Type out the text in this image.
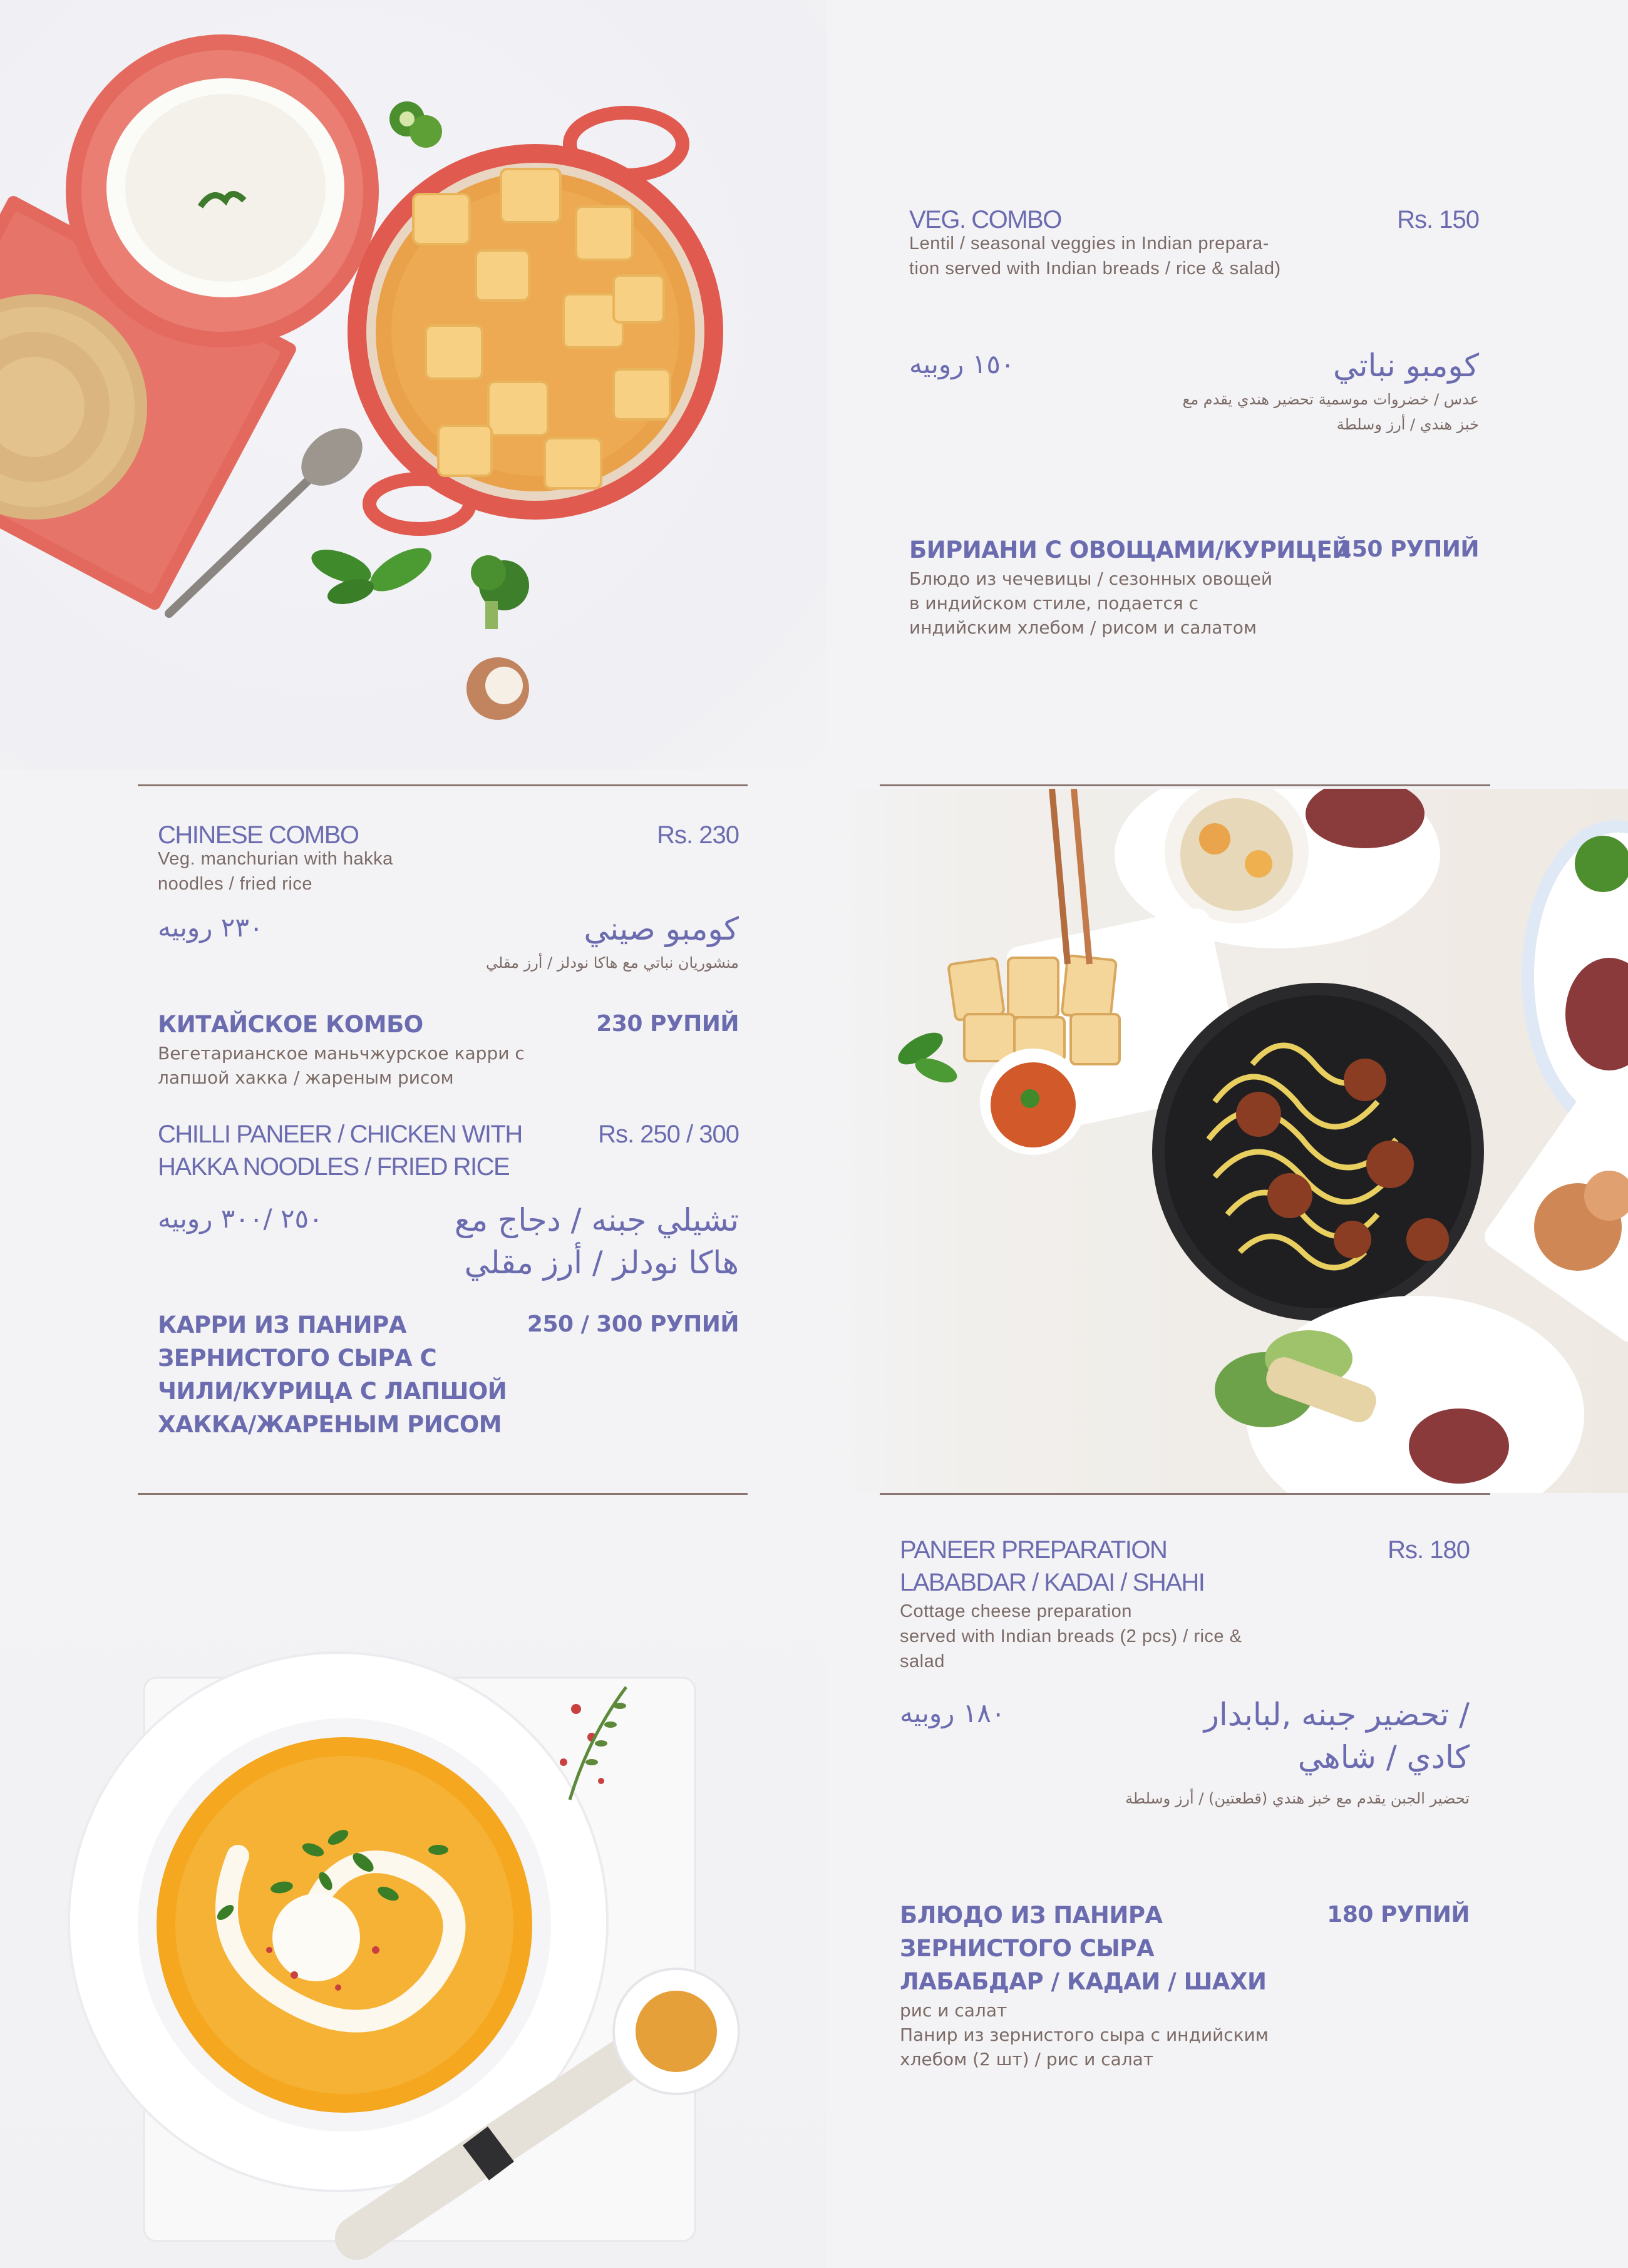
VEG. COMBO	Rs. 150
Lentil / seasonal veggies in Indian prepara-
tion served with Indian breads / rice & salad)
١٥٠ روبيه	كومبو نباتي
عدس / خضروات موسمية تحضير هندي يقدم مع
خبز هندي / أرز وسلطة
БИРИАНИ С ОВОЩАМИ/КУРИЦЕЙ
150 РУПИЙ
Блюдо из чечевицы / сезонных овощей
в индийском стиле, подается с
индийским хлебом / рисом и салатом
CHINESE COMBO	Rs. 230
Veg. manchurian with hakka
noodles / fried rice
٢٣٠ روبيه	كومبو صيني
منشوريان نباتي مع هاكا نودلز / أرز مقلي
КИТАЙСКОЕ КОМБО	230 РУПИЙ
Вегетарианское маньчжурское карри с
лапшой хакка / жареным рисом
CHILLI PANEER / CHICKEN WITH
HAKKA NOODLES / FRIED RICE
Rs. 250 / 300
٢٥٠ /٣٠٠ روبيه	تشيلي جبنه / دجاج مع
هاكا نودلز / أرز مقلي
КАРРИ ИЗ ПАНИРА
ЗЕРНИСТОГО СЫРА С
ЧИЛИ/КУРИЦА С ЛАПШОЙ
ХАККА/ЖАРЕНЫМ РИСОМ
250 / 300 РУПИЙ
PANEER PREPARATION
LABABDAR / KADAI / SHAHI
Rs. 180
Cottage cheese preparation
served with Indian breads (2 pcs) / rice &
salad
١٨٠ روبيه	/ تحضير جبنه ,لبابدار
كادي / شاهي
تحضير الجبن يقدم مع خبز هندي (قطعتين) / أرز وسلطة
БЛЮДО ИЗ ПАНИРА
ЗЕРНИСТОГО СЫРА
ЛАБАБДАР / КАДАИ / ШАХИ
180 РУПИЙ
рис и салат
Панир из зернистого сыра с индийским
хлебом (2 шт) / рис и салат
